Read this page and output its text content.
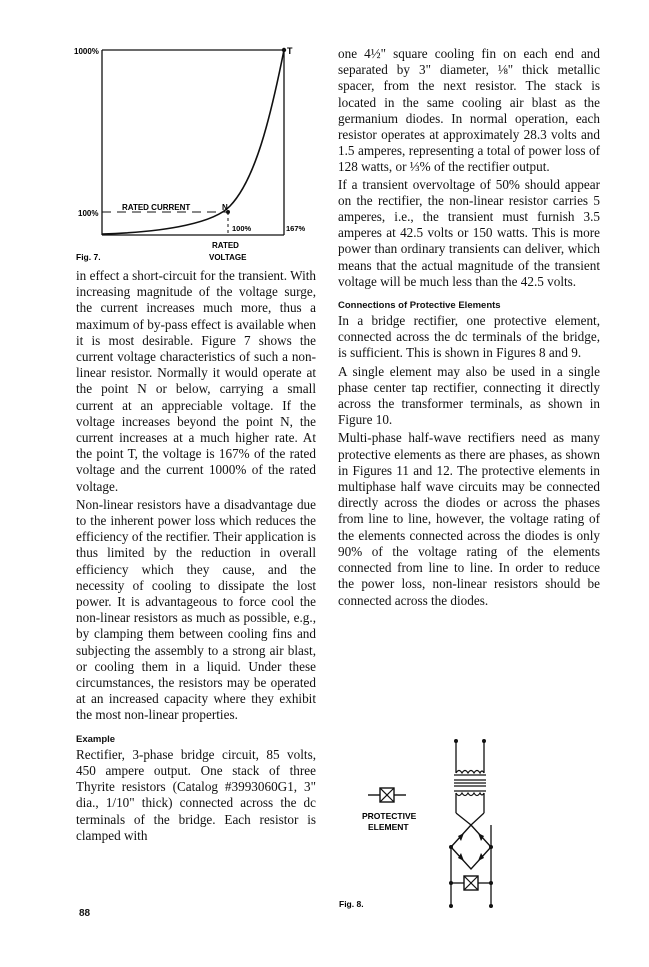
1000%
100%
T
N
RATED CURRENT
100%	167%
RATED
VOLTAGE
Fig. 7.

in effect a short-circuit for the transient. With increasing magnitude of the voltage surge, the current increases much more, thus a maximum of by-pass effect is available when it is most desirable. Figure 7 shows the current voltage characteristics of such a non-linear resistor. Normally it would operate at the point N or below, carrying a small current at an appreciable voltage. If the voltage increases beyond the point N, the current increases at a much higher rate. At the point T, the voltage is 167% of the rated voltage and the current 1000% of the rated voltage.

Non-linear resistors have a disadvantage due to the inherent power loss which reduces the efficiency of the rectifier. Their application is thus limited by the reduction in overall efficiency which they cause, and the necessity of cooling to dissipate the lost power. It is advantageous to force cool the non-linear resistors as much as possible, e.g., by clamping them between cooling fins and subjecting the assembly to a strong air blast, or cooling them in a liquid. Under these circumstances, the resistors may be operated at an increased capacity where they exhibit the most non-linear properties.

Example

Rectifier, 3-phase bridge circuit, 85 volts, 450 ampere output. One stack of three Thyrite resistors (Catalog #3993060G1, 3" dia., 1/10" thick) connected across the dc terminals of the bridge. Each resistor is clamped with

88

one 4½" square cooling fin on each end and separated by 3" diameter, ⅛" thick metallic spacer, from the next resistor. The stack is located in the same cooling air blast as the germanium diodes. In normal operation, each resistor operates at approximately 28.3 volts and 1.5 amperes, representing a total of power loss of 128 watts, or ⅓% of the rectifier output.

If a transient overvoltage of 50% should appear on the rectifier, the non-linear resistor carries 5 amperes, i.e., the transient must furnish 3.5 amperes at 42.5 volts or 150 watts. This is more power than ordinary transients can deliver, which means that the actual magnitude of the transient voltage will be much less than the 42.5 volts.

Connections of Protective Elements

In a bridge rectifier, one protective element, connected across the dc terminals of the bridge, is sufficient. This is shown in Figures 8 and 9.

A single element may also be used in a single phase center tap rectifier, connecting it directly across the transformer terminals, as shown in Figure 10.

Multi-phase half-wave rectifiers need as many protective elements as there are phases, as shown in Figures 11 and 12. The protective elements in multiphase half wave circuits may be connected directly across the diodes or across the phases from line to line, however, the voltage rating of the elements connected across the diodes is only 90% of the voltage rating of the elements connected from line to line. In order to reduce the power loss, non-linear resistors should be connected across the diodes.

PROTECTIVE
ELEMENT
Fig. 8.
